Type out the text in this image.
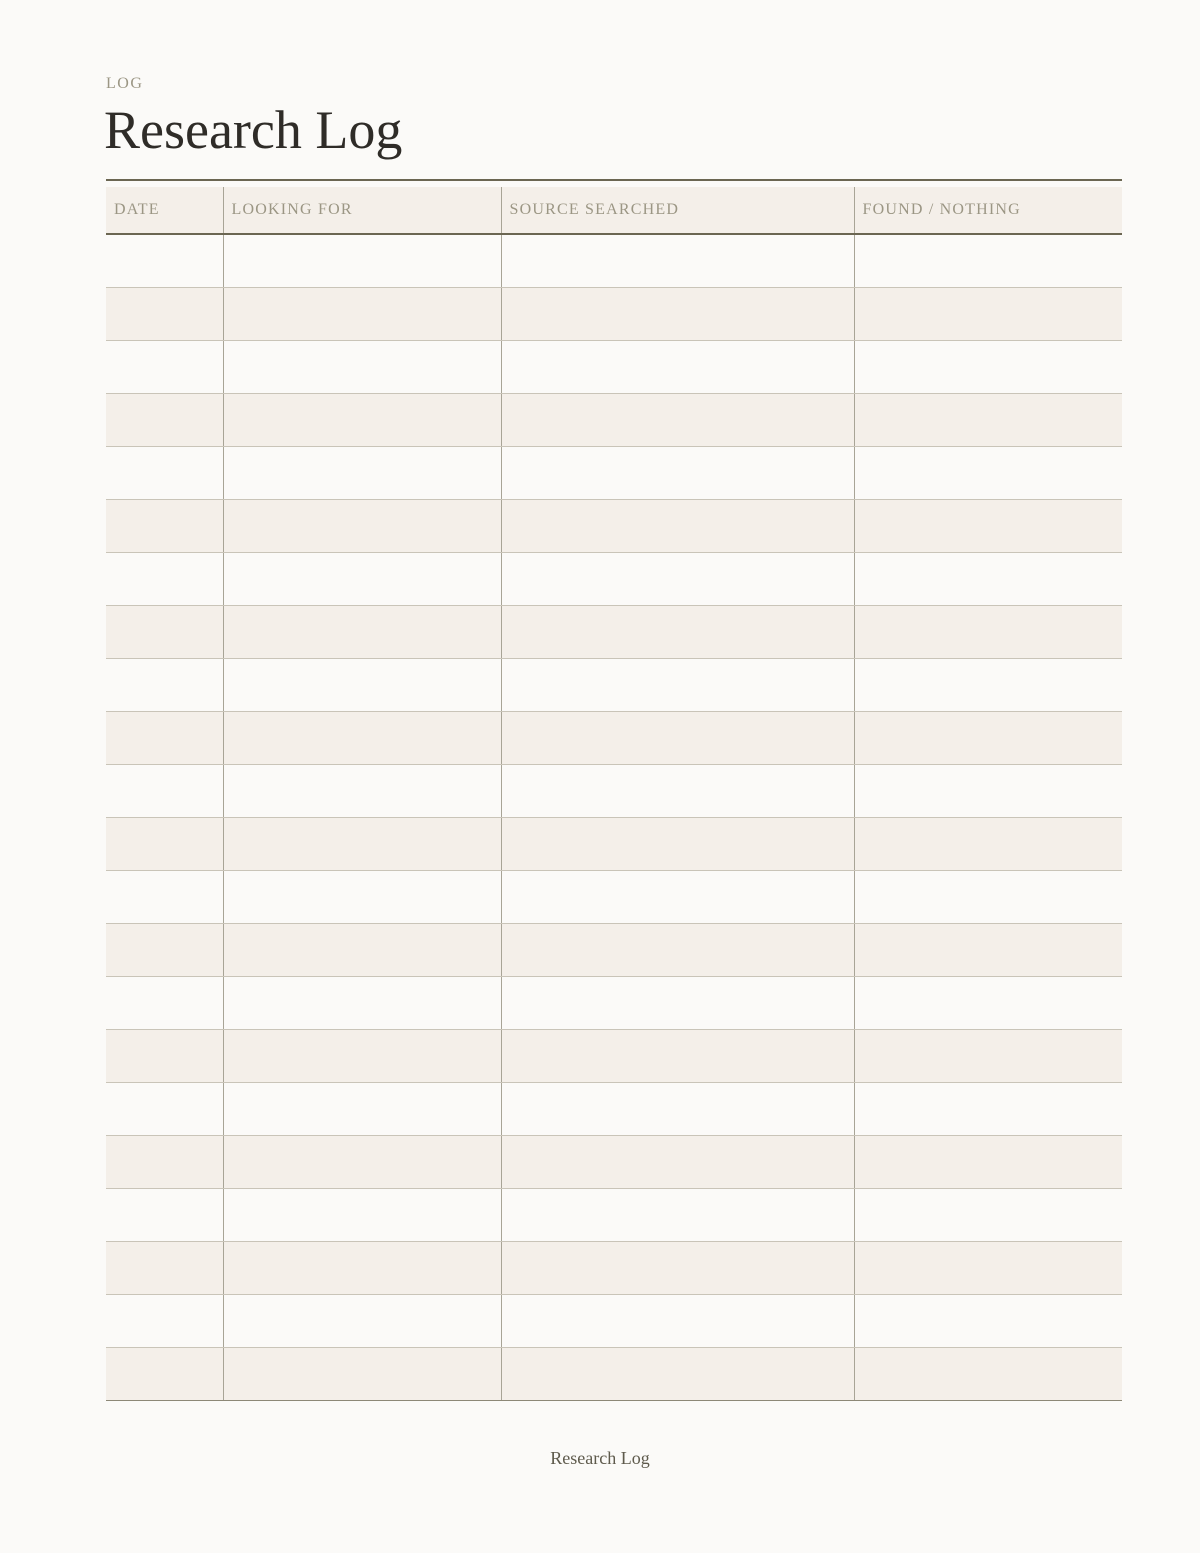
LOG
Research Log
DATE	LOOKING FOR	SOURCE SEARCHED	FOUND / NOTHING

Research Log
